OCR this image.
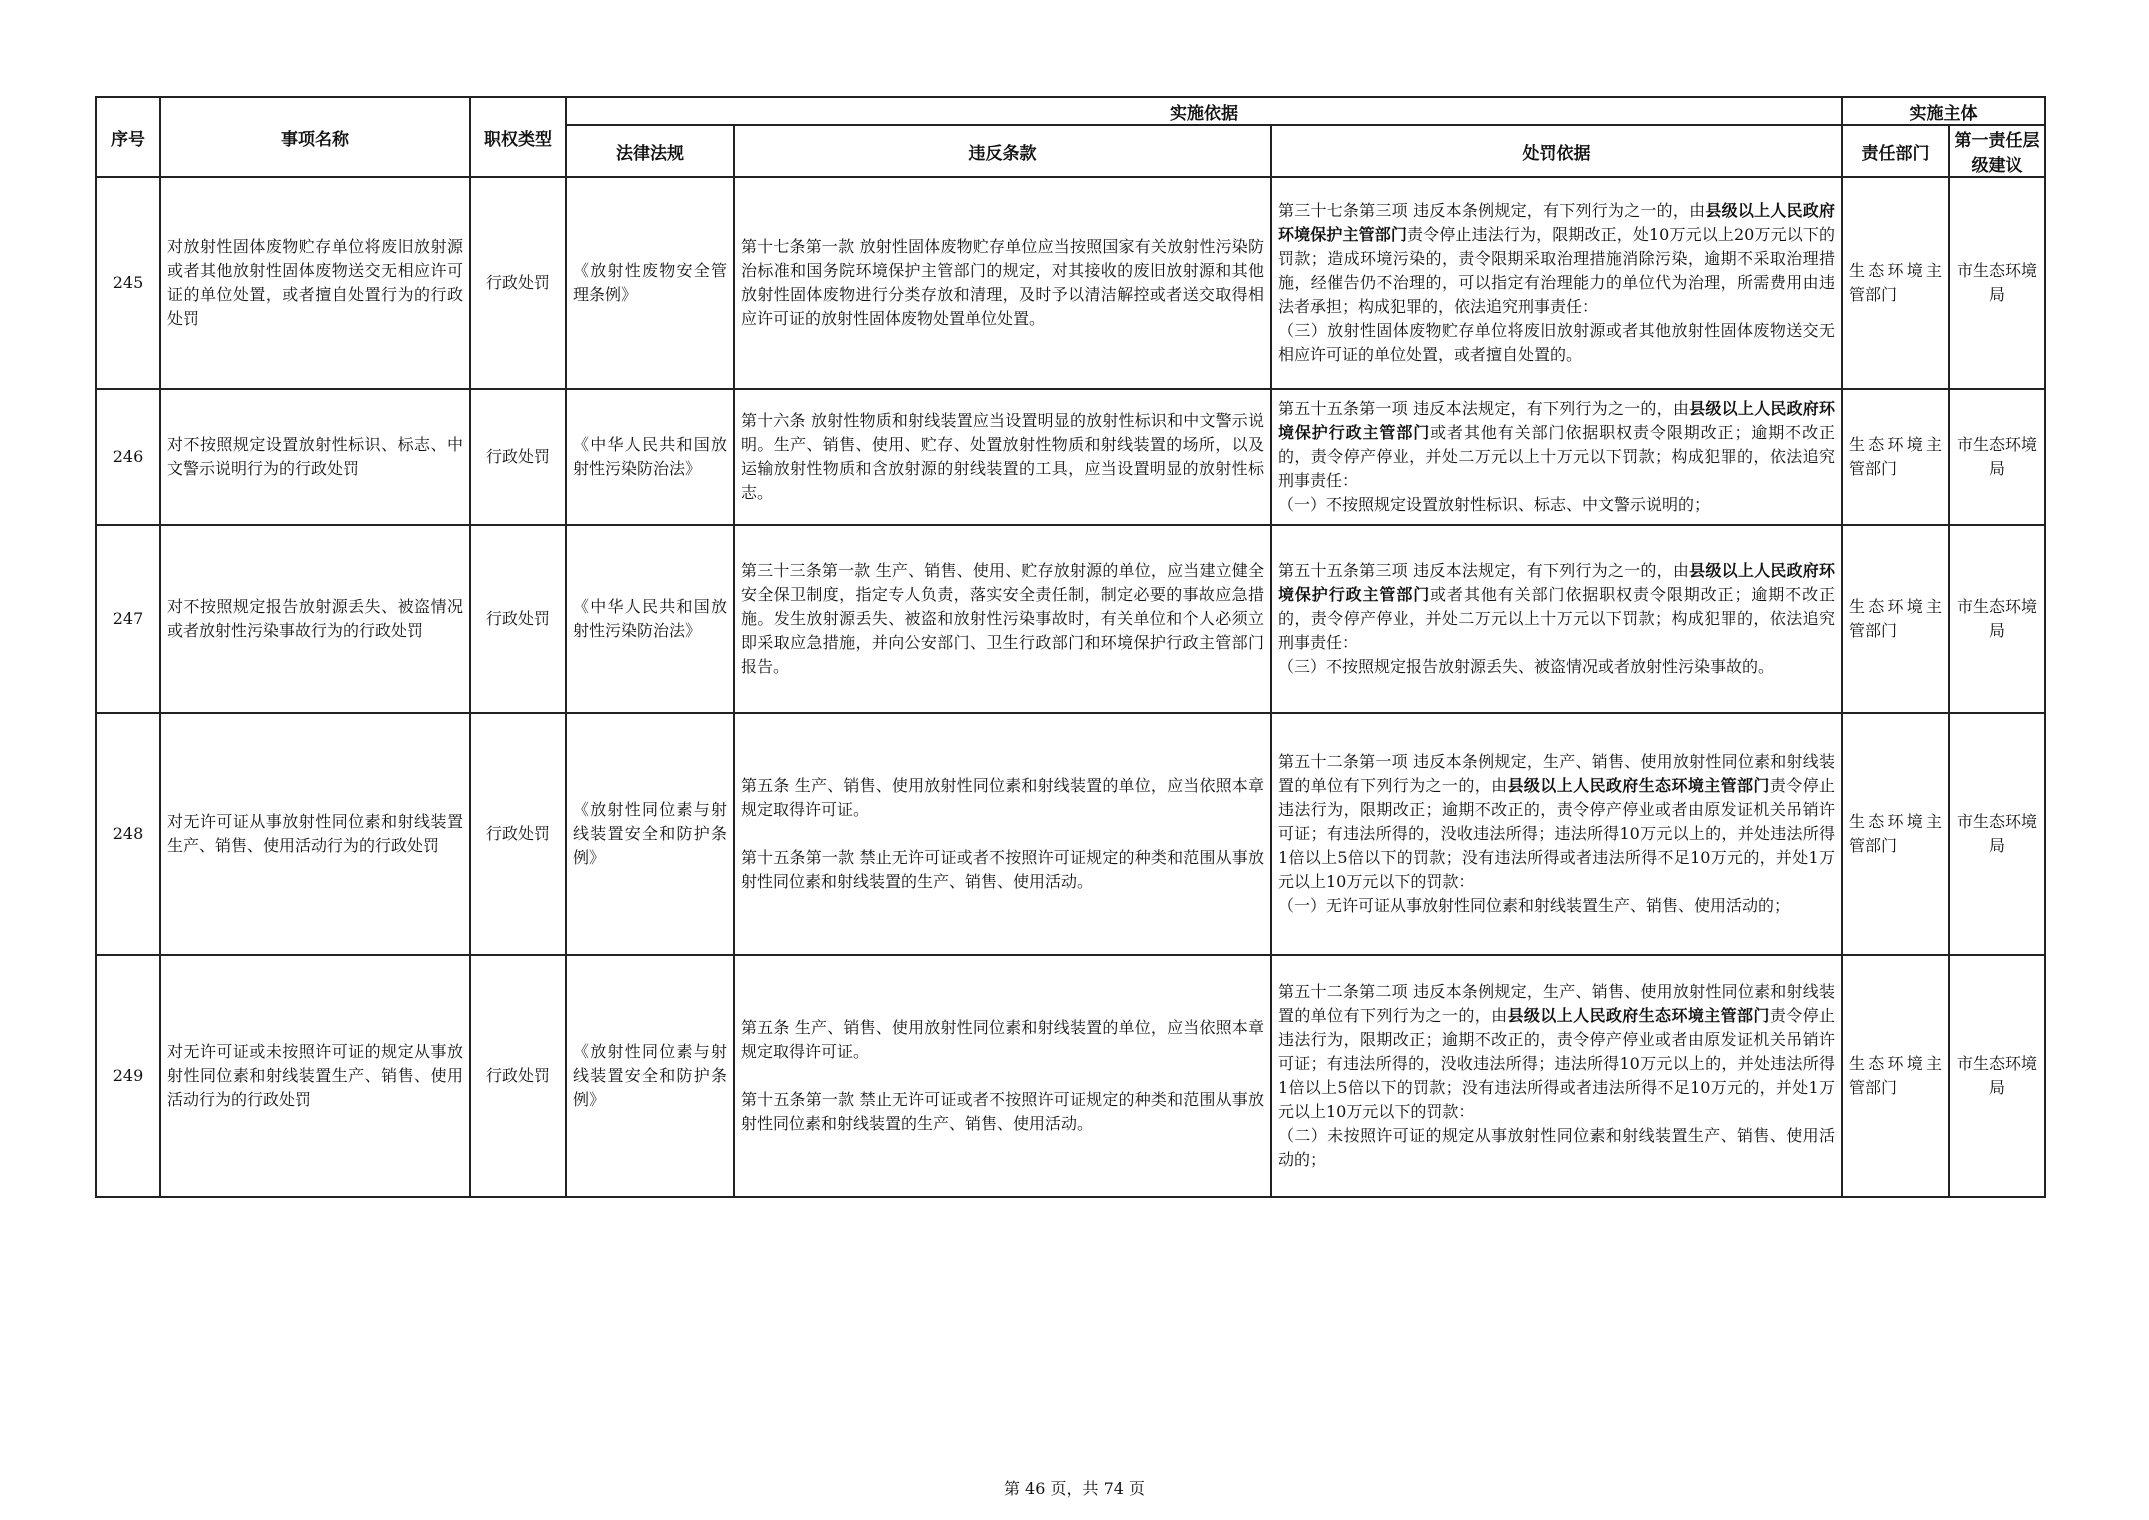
序号	事项名称	职权类型	实施依据			实施主体	
			法律法规	违反条款	处罚依据	责任部门	第一责任层级建议

245	对放射性固体废物贮存单位将废旧放射源或者其他放射性固体废物送交无相应许可证的单位处置，或者擅自处置行为的行政处罚	行政处罚	《放射性废物安全管理条例》	第十七条第一款 放射性固体废物贮存单位应当按照国家有关放射性污染防治标准和国务院环境保护主管部门的规定，对其接收的废旧放射源和其他放射性固体废物进行分类存放和清理，及时予以清洁解控或者送交取得相应许可证的放射性固体废物处置单位处置。	第三十七条第三项 违反本条例规定，有下列行为之一的，由县级以上人民政府环境保护主管部门责令停止违法行为，限期改正，处10万元以上20万元以下的罚款；造成环境污染的，责令限期采取治理措施消除污染，逾期不采取治理措施，经催告仍不治理的，可以指定有治理能力的单位代为治理，所需费用由违法者承担；构成犯罪的，依法追究刑事责任：
（三）放射性固体废物贮存单位将废旧放射源或者其他放射性固体废物送交无相应许可证的单位处置，或者擅自处置的。	生态环境主管部门	市生态环境局

246	对不按照规定设置放射性标识、标志、中文警示说明行为的行政处罚	行政处罚	《中华人民共和国放射性污染防治法》	第十六条 放射性物质和射线装置应当设置明显的放射性标识和中文警示说明。生产、销售、使用、贮存、处置放射性物质和射线装置的场所，以及运输放射性物质和含放射源的射线装置的工具，应当设置明显的放射性标志。	第五十五条第一项 违反本法规定，有下列行为之一的，由县级以上人民政府环境保护行政主管部门或者其他有关部门依据职权责令限期改正；逾期不改正的，责令停产停业，并处二万元以上十万元以下罚款；构成犯罪的，依法追究刑事责任：
（一）不按照规定设置放射性标识、标志、中文警示说明的；	生态环境主管部门	市生态环境局

247	对不按照规定报告放射源丢失、被盗情况或者放射性污染事故行为的行政处罚	行政处罚	《中华人民共和国放射性污染防治法》	第三十三条第一款 生产、销售、使用、贮存放射源的单位，应当建立健全安全保卫制度，指定专人负责，落实安全责任制，制定必要的事故应急措施。发生放射源丢失、被盗和放射性污染事故时，有关单位和个人必须立即采取应急措施，并向公安部门、卫生行政部门和环境保护行政主管部门报告。	第五十五条第三项 违反本法规定，有下列行为之一的，由县级以上人民政府环境保护行政主管部门或者其他有关部门依据职权责令限期改正；逾期不改正的，责令停产停业，并处二万元以上十万元以下罚款；构成犯罪的，依法追究刑事责任：
（三）不按照规定报告放射源丢失、被盗情况或者放射性污染事故的。	生态环境主管部门	市生态环境局

248	对无许可证从事放射性同位素和射线装置生产、销售、使用活动行为的行政处罚	行政处罚	《放射性同位素与射线装置安全和防护条例》	第五条 生产、销售、使用放射性同位素和射线装置的单位，应当依照本章规定取得许可证。
第十五条第一款 禁止无许可证或者不按照许可证规定的种类和范围从事放射性同位素和射线装置的生产、销售、使用活动。	第五十二条第一项 违反本条例规定，生产、销售、使用放射性同位素和射线装置的单位有下列行为之一的，由县级以上人民政府生态环境主管部门责令停止违法行为，限期改正；逾期不改正的，责令停产停业或者由原发证机关吊销许可证；有违法所得的，没收违法所得；违法所得10万元以上的，并处违法所得1倍以上5倍以下的罚款；没有违法所得或者违法所得不足10万元的，并处1万元以上10万元以下的罚款：
（一）无许可证从事放射性同位素和射线装置生产、销售、使用活动的；	生态环境主管部门	市生态环境局

249	对无许可证或未按照许可证的规定从事放射性同位素和射线装置生产、销售、使用活动行为的行政处罚	行政处罚	《放射性同位素与射线装置安全和防护条例》	第五条 生产、销售、使用放射性同位素和射线装置的单位，应当依照本章规定取得许可证。
第十五条第一款 禁止无许可证或者不按照许可证规定的种类和范围从事放射性同位素和射线装置的生产、销售、使用活动。	第五十二条第二项 违反本条例规定，生产、销售、使用放射性同位素和射线装置的单位有下列行为之一的，由县级以上人民政府生态环境主管部门责令停止违法行为，限期改正；逾期不改正的，责令停产停业或者由原发证机关吊销许可证；有违法所得的，没收违法所得；违法所得10万元以上的，并处违法所得1倍以上5倍以下的罚款；没有违法所得或者违法所得不足10万元的，并处1万元以上10万元以下的罚款：
（二）未按照许可证的规定从事放射性同位素和射线装置生产、销售、使用活动的；	生态环境主管部门	市生态环境局
第 46 页，共 74 页
